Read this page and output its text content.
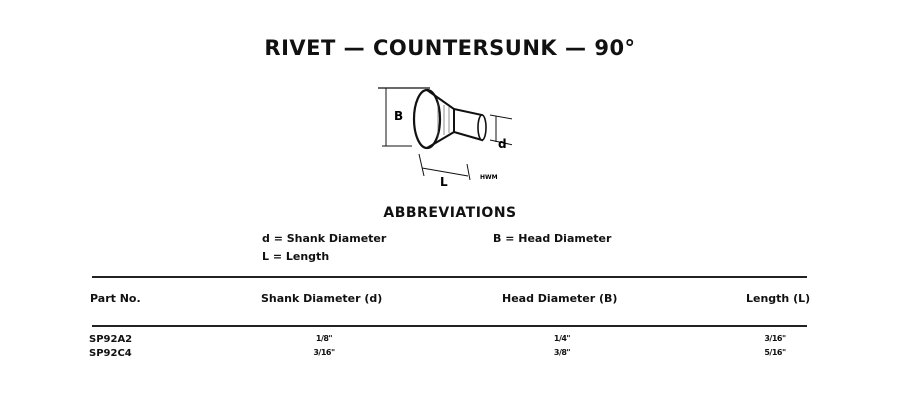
RIVET — COUNTERSUNK — 90°
B
d
L	HWM
ABBREVIATIONS
d = Shank Diameter
L = Length
B = Head Diameter
Part No.	Shank Diameter (d)	Head Diameter (B)	Length (L)
SP92A2	1/8"	1/4"	3/16"
SP92C4	3/16"	3/8"	5/16"
